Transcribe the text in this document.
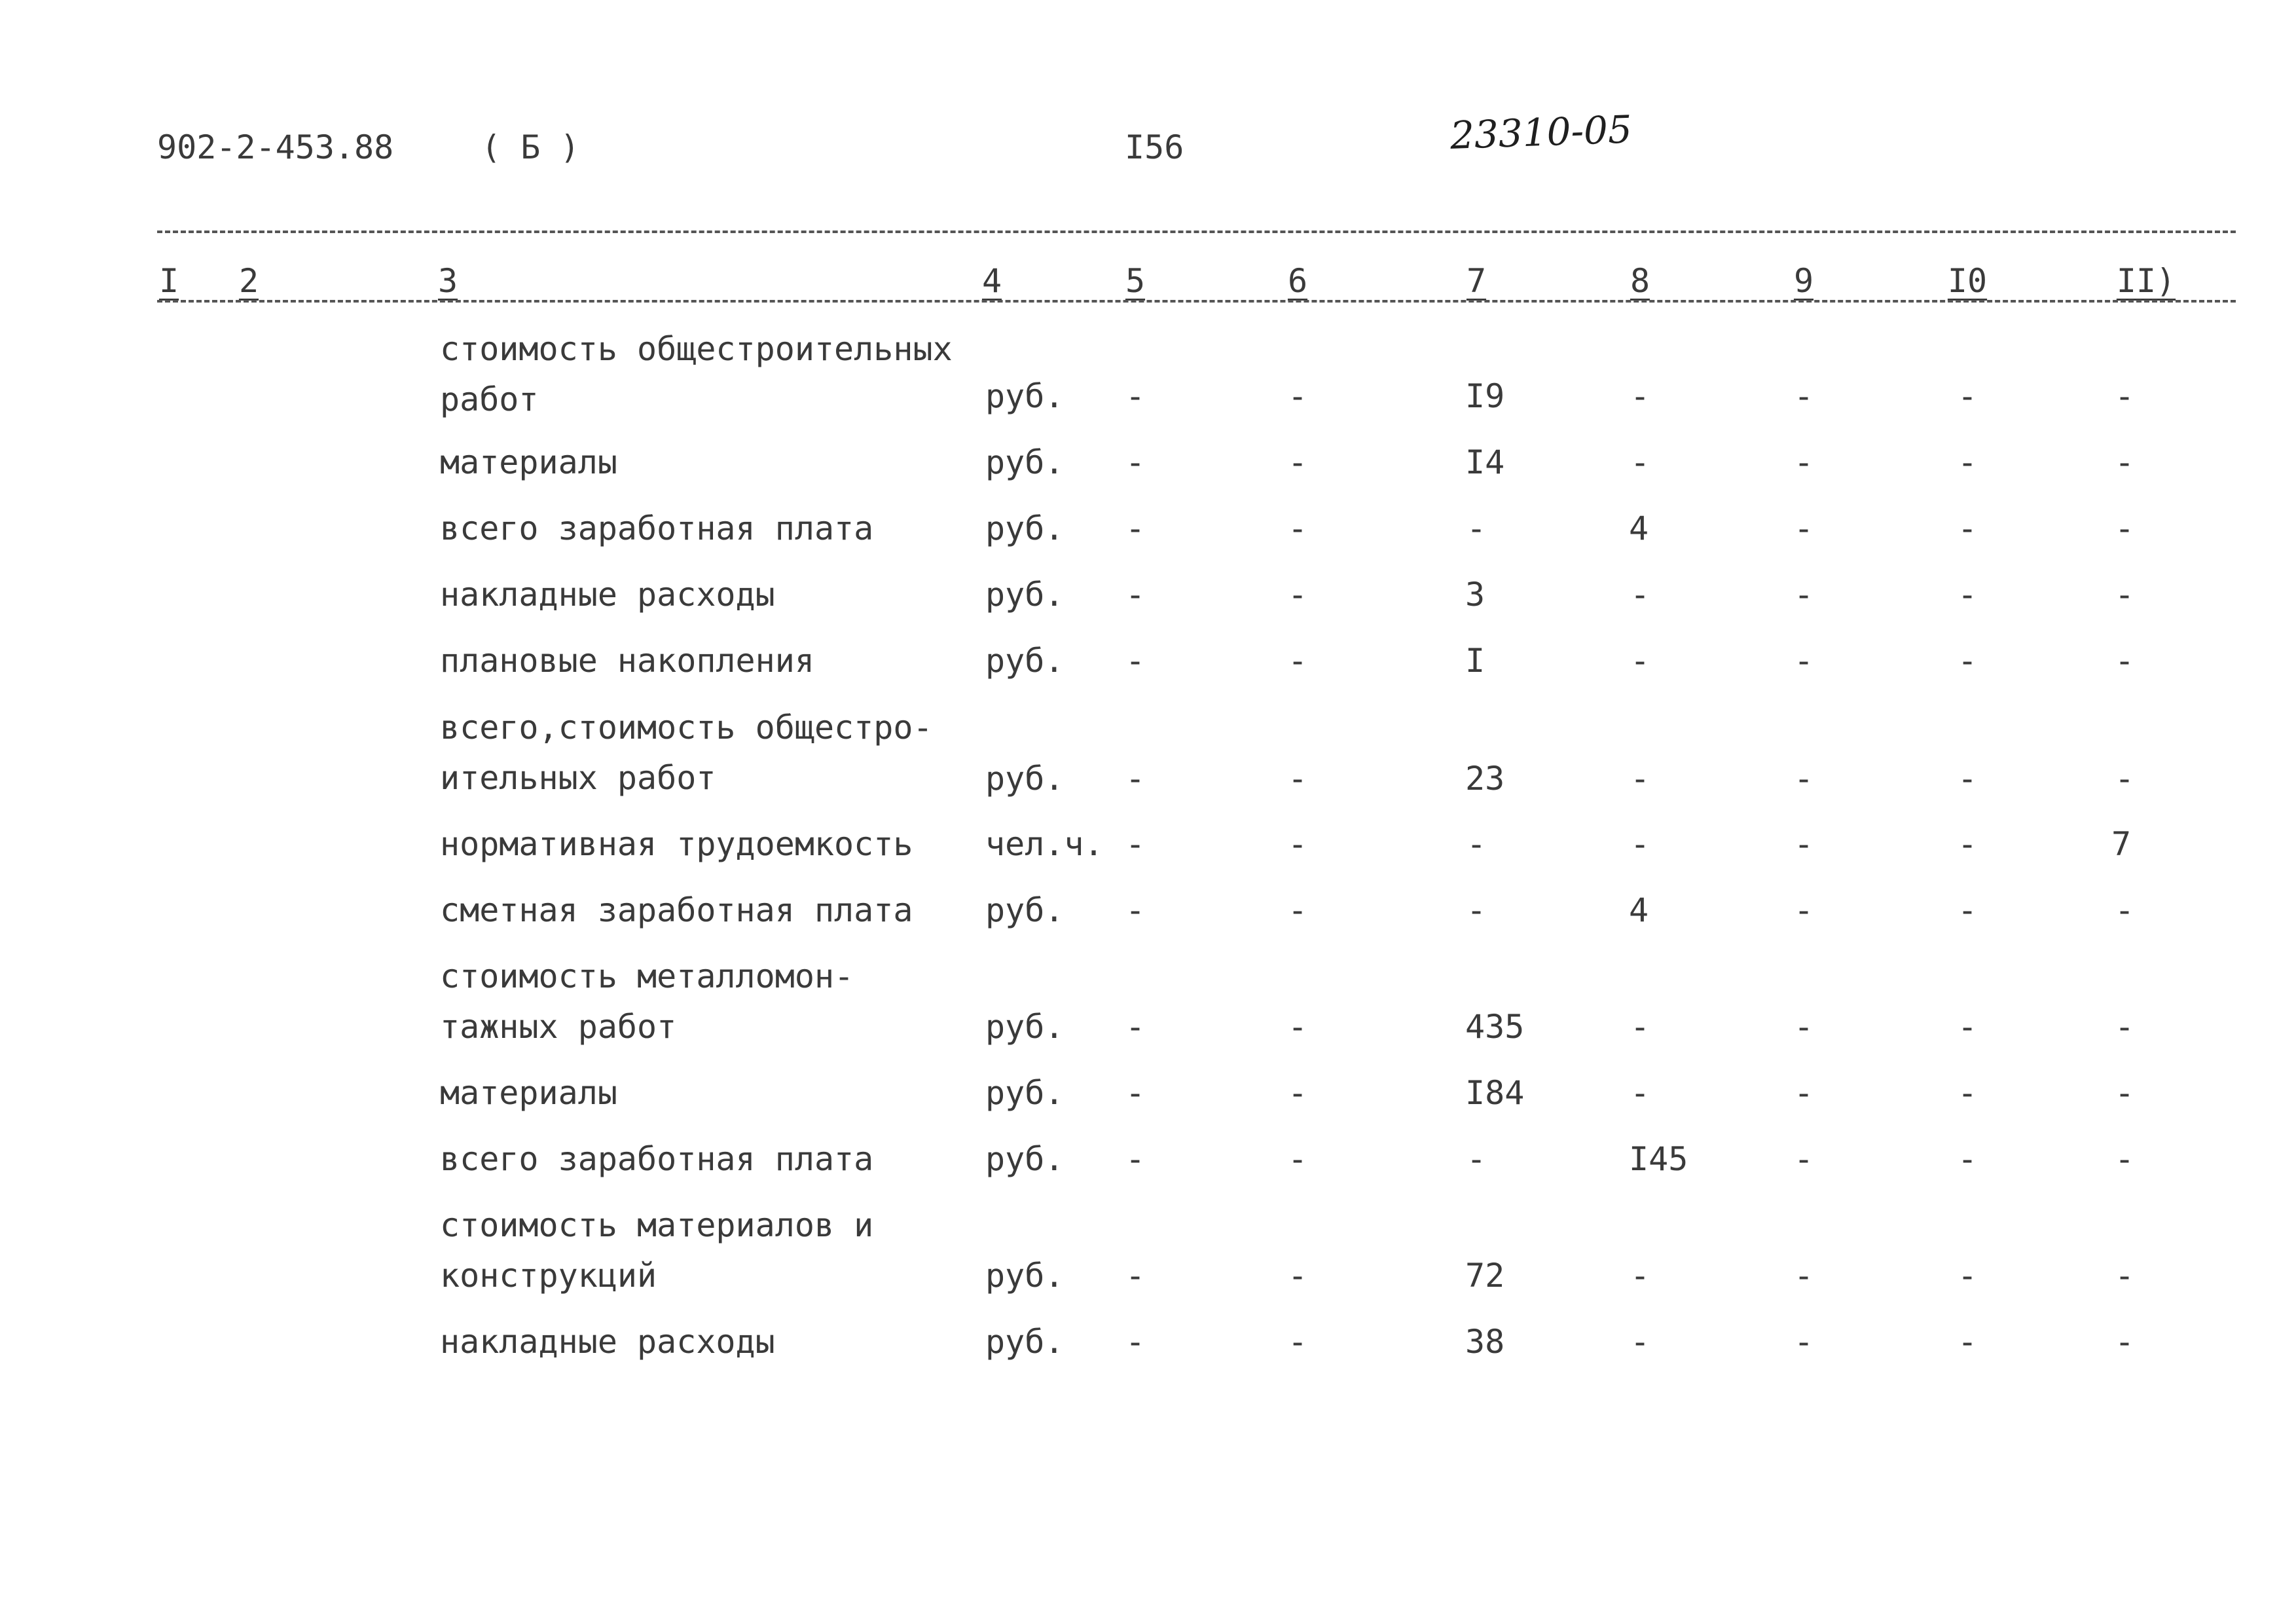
902-2-453.88	( Б )	I56	23310-05
I 2	3	4	5	6	7	8	9	I0	II)
стоимость общестроительных
работ	руб. -	-	I9	-	-	-	-
материалы	руб. -	-	I4	-	-	-	-
всего заработная плата	руб. -	-	-	4	-	-	-
накладные расходы	руб. -	-	3	-	-	-	-
плановые накопления	руб. -	-	I	-	-	-	-
всего,стоимость общестро-
ительных работ	руб. -	-	23	-	-	-	-
нормативная трудоемкость чел.ч. -	-	-	-	-	-	7
сметная заработная плата руб. -	-	-	4	-	-	-
стоимость металломон-
тажных работ	руб. -	-	435	-	-	-	-
материалы	руб. -	-	I84	-	-	-	-
всего заработная плата	руб. -	-	-	I45	-	-	-
стоимость материалов и
конструкций	руб. -	-	72	-	-	-	-
накладные расходы	руб. -	-	38	-	-	-	-
